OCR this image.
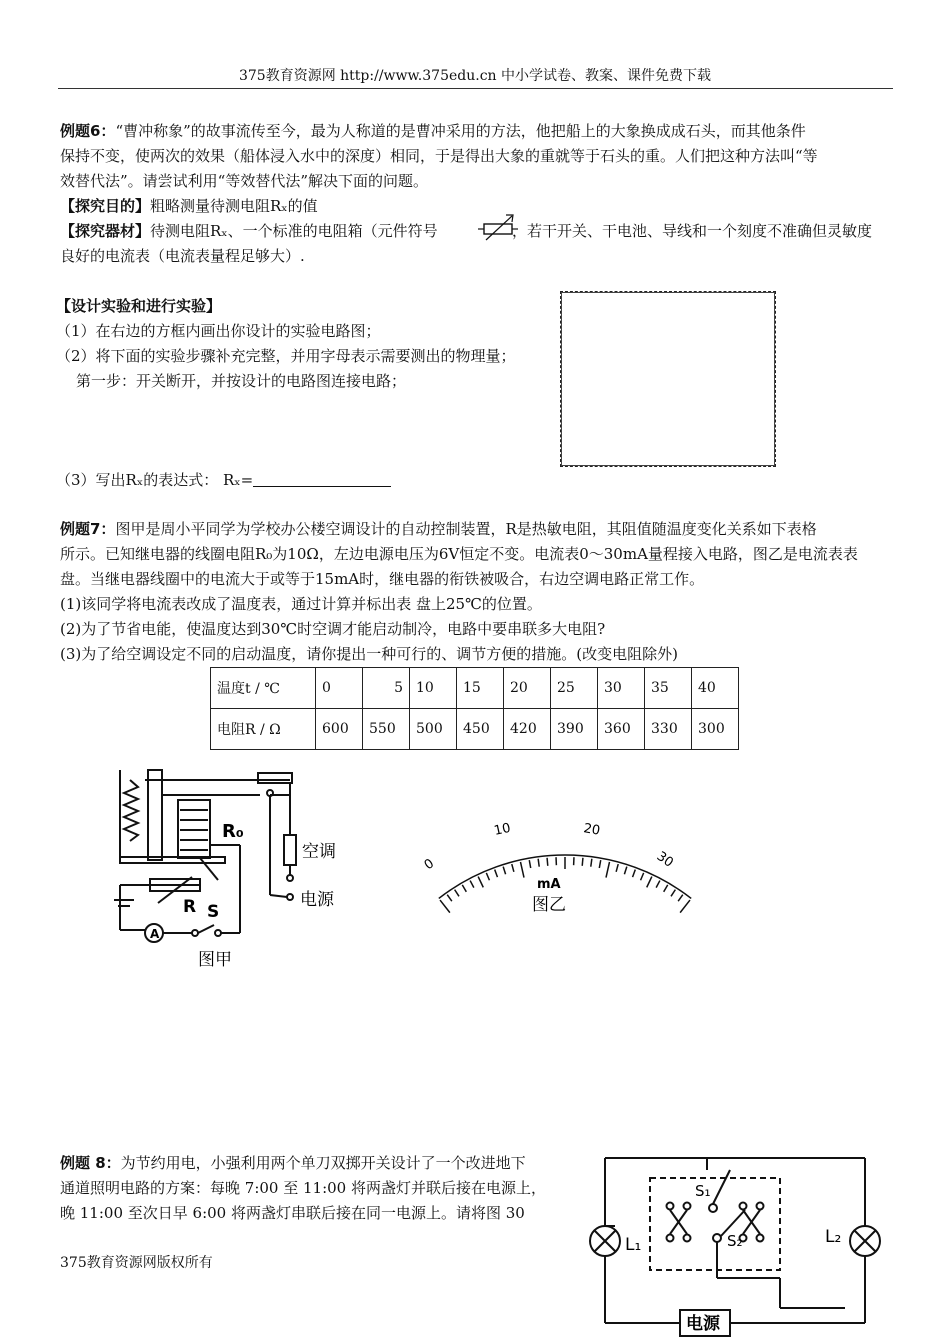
375教育资源网 http://www.375edu.cn 中小学试卷、教案、课件免费下载
例题6：“曹冲称象”的故事流传至今，最为人称道的是曹冲采用的方法，他把船上的大象换成成石头，而其他条件
保持不变，使两次的效果（船体浸入水中的深度）相同，于是得出大象的重就等于石头的重。人们把这种方法叫“等
效替代法”。请尝试利用“等效替代法”解决下面的问题。
【探究目的】粗略测量待测电阻Rₓ的值
【探究器材】待测电阻Rₓ、一个标准的电阻箱（元件符号	，若干开关、干电池、导线和一个刻度不准确但灵敏度
良好的电流表（电流表量程足够大）.
【设计实验和进行实验】
（1）在右边的方框内画出你设计的实验电路图；
（2）将下面的实验步骤补充完整，并用字母表示需要测出的物理量；
第一步：开关断开，并按设计的电路图连接电路；
（3）写出Rₓ的表达式： Rₓ=
例题7：图甲是周小平同学为学校办公楼空调设计的自动控制装置，R是热敏电阻，其阻值随温度变化关系如下表格
所示。已知继电器的线圈电阻R₀为10Ω，左边电源电压为6V恒定不变。电流表0～30mA量程接入电路，图乙是电流表表
盘。当继电器线圈中的电流大于或等于15mA时，继电器的衔铁被吸合，右边空调电路正常工作。
(1)该同学将电流表改成了温度表，通过计算并标出表 盘上25℃的位置。
(2)为了节省电能，使温度达到30℃时空调才能启动制冷，电路中要串联多大电阻?
(3)为了给空调设定不同的启动温度，请你提出一种可行的、调节方便的措施。(改变电阻除外)
温度t / ℃	0	5	10	15	20	25	30	35	40
电阻R / Ω	600	550	500	450	420	390	360	330	300
R₀
空调
电源
R S
A
图甲
0
10	20
30
mA
图乙
例题 8：为节约用电，小强利用两个单刀双掷开关设计了一个改进地下
通道照明电路的方案：每晚 7:00 至 11:00 将两盏灯并联后接在电源上，
晚 11:00 至次日早 6:00 将两盏灯串联后接在同一电源上。请将图 30
S₁
S₂
L₁	L₂
电源
375教育资源网版权所有
